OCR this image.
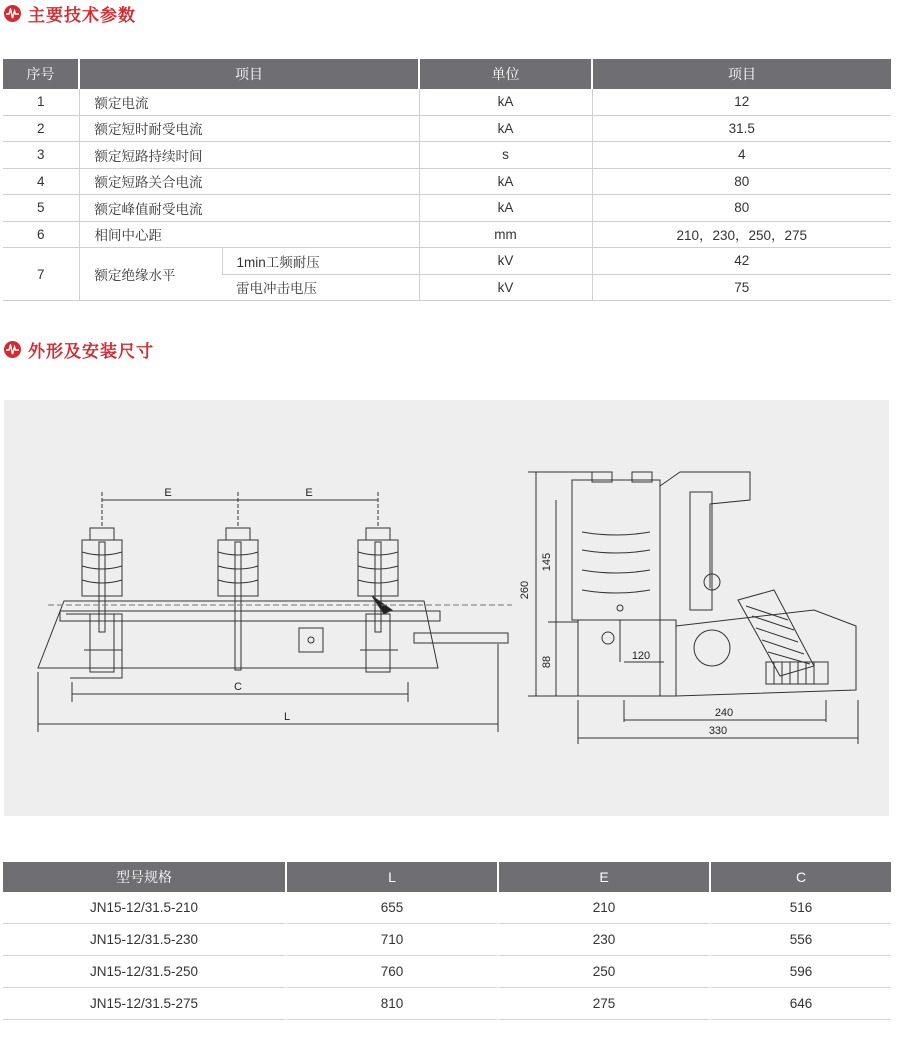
主要技术参数
序号	项目		单位	项目
1	额定电流		kA	12
2	额定短时耐受电流		kA	31.5
3	额定短路持续时间		s	4
4	额定短路关合电流		kA	80
5	额定峰值耐受电流		kA	80
6	相间中心距		mm	210，230，250，275
7	额定绝缘水平	1min工频耐压	kV	42
		雷电冲击电压	kV	75
外形及安装尺寸
E	E
C
L
260
145
88	120
240
330
型号规格	L	E	C
JN15-12/31.5-210	655	210	516
JN15-12/31.5-230	710	230	556
JN15-12/31.5-250	760	250	596
JN15-12/31.5-275	810	275	646
